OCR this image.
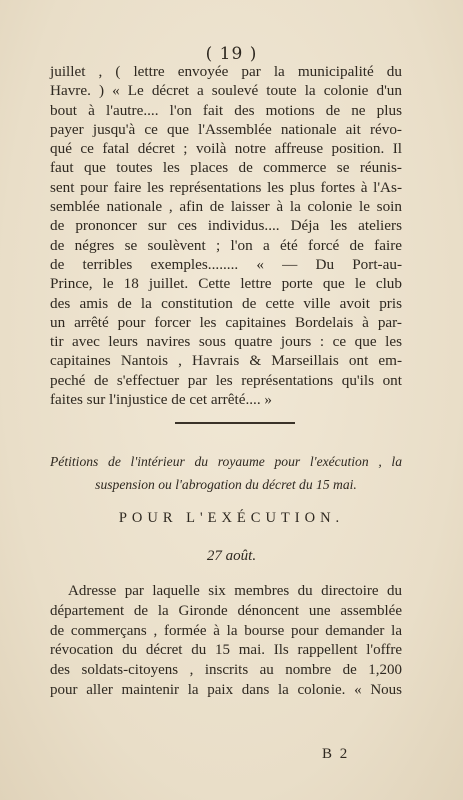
( 19 )
juillet , ( lettre envoyée par la municipalité du
Havre. ) « Le décret a soulevé toute la colonie d'un
bout à l'autre.... l'on fait des motions de ne plus
payer jusqu'à ce que l'Assemblée nationale ait révo-
qué ce fatal décret ; voilà notre affreuse position. Il
faut que toutes les places de commerce se réunis-
sent pour faire les représentations les plus fortes à l'As-
semblée nationale , afin de laisser à la colonie le soin
de prononcer sur ces individus.... Déja les ateliers
de négres se soulèvent ; l'on a été forcé de faire
de terribles exemples........ « — Du Port-au-
Prince, le 18 juillet. Cette lettre porte que le club
des amis de la constitution de cette ville avoit pris
un arrêté pour forcer les capitaines Bordelais à par-
tir avec leurs navires sous quatre jours : ce que les
capitaines Nantois , Havrais & Marseillais ont em-
peché de s'effectuer par les représentations qu'ils ont
faites sur l'injustice de cet arrêté.... »
Pétitions de l'intérieur du royaume pour l'exécution , la
suspension ou l'abrogation du décret du 15 mai.
POUR L'EXÉCUTION.
27 août.
Adresse par laquelle six membres du directoire du
département de la Gironde dénoncent une assemblée
de commerçans , formée à la bourse pour demander la
révocation du décret du 15 mai. Ils rappellent l'offre
des soldats-citoyens , inscrits au nombre de 1,200
pour aller maintenir la paix dans la colonie. « Nous
B 2
